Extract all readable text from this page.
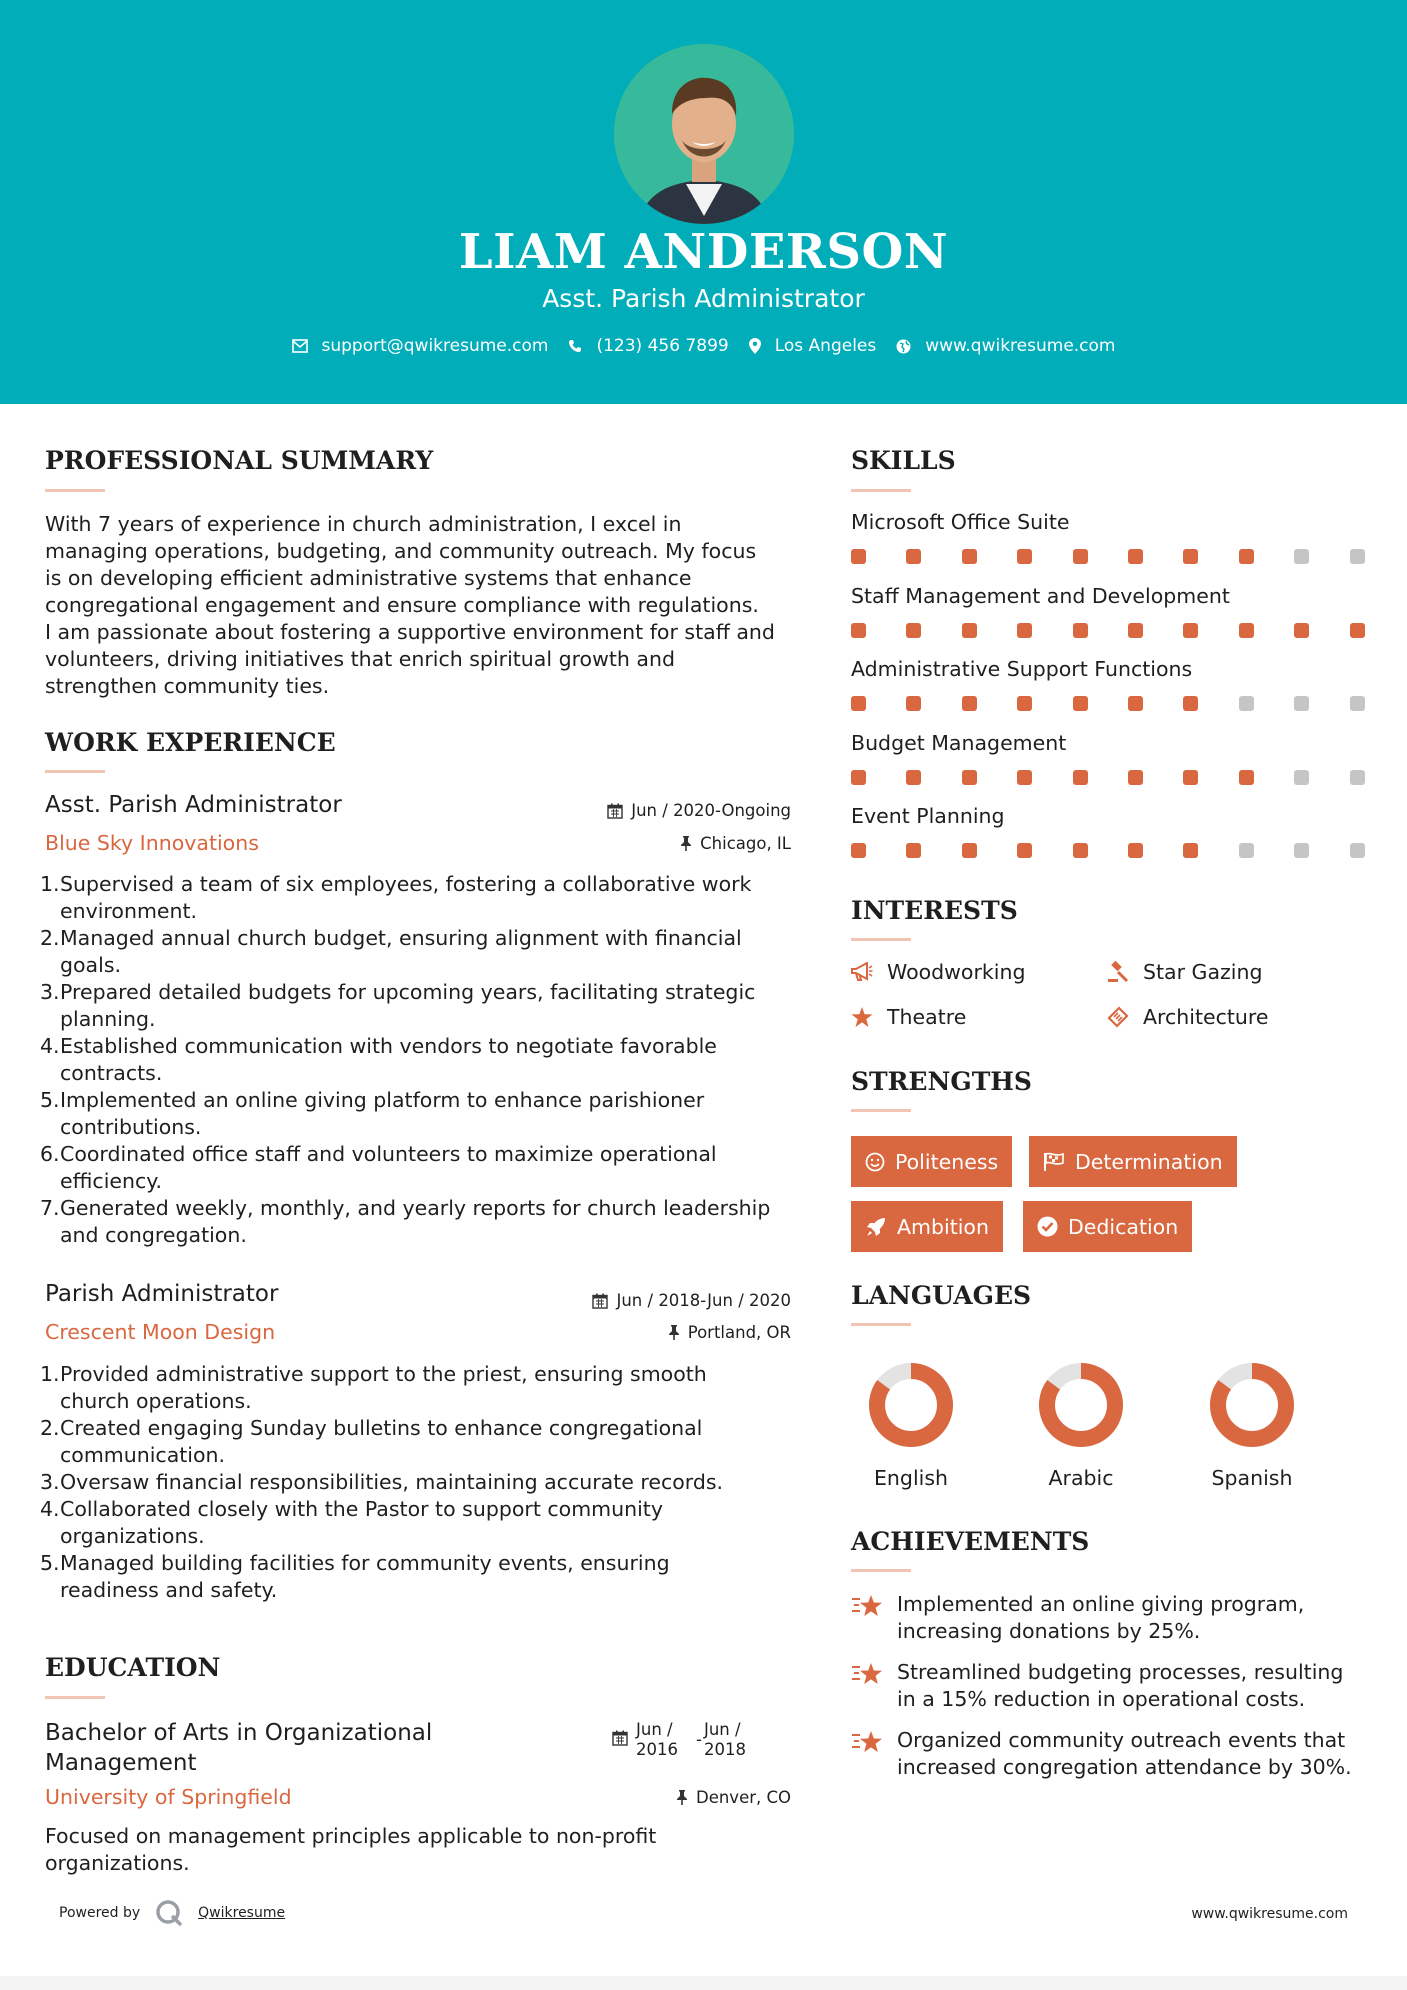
LIAM ANDERSON
Asst. Parish Administrator
support@qwikresume.com	(123) 456 7899	Los Angeles	www.qwikresume.com
PROFESSIONAL SUMMARY
With 7 years of experience in church administration, I excel in
managing operations, budgeting, and community outreach. My focus
is on developing efficient administrative systems that enhance
congregational engagement and ensure compliance with regulations.
I am passionate about fostering a supportive environment for staff and
volunteers, driving initiatives that enrich spiritual growth and
strengthen community ties.
WORK EXPERIENCE
Asst. Parish Administrator	Jun / 2020-Ongoing
Blue Sky Innovations	Chicago, IL
1. Supervised a team of six employees, fostering a collaborative work
environment.
2. Managed annual church budget, ensuring alignment with financial
goals.
3. Prepared detailed budgets for upcoming years, facilitating strategic
planning.
4. Established communication with vendors to negotiate favorable
contracts.
5. Implemented an online giving platform to enhance parishioner
contributions.
6. Coordinated office staff and volunteers to maximize operational
efficiency.
7. Generated weekly, monthly, and yearly reports for church leadership
and congregation.
Parish Administrator	Jun / 2018-Jun / 2020
Crescent Moon Design	Portland, OR
1. Provided administrative support to the priest, ensuring smooth
church operations.
2. Created engaging Sunday bulletins to enhance congregational
communication.
3. Oversaw financial responsibilities, maintaining accurate records.
4. Collaborated closely with the Pastor to support community
organizations.
5. Managed building facilities for community events, ensuring
readiness and safety.
EDUCATION
Bachelor of Arts in Organizational
Management
Jun /
2016
-
Jun /
2018
University of Springfield	Denver, CO
Focused on management principles applicable to non-profit
organizations.
SKILLS
Microsoft Office Suite
Staff Management and Development
Administrative Support Functions
Budget Management
Event Planning
INTERESTS
Woodworking	Star Gazing
Theatre	Architecture
STRENGTHS
Politeness	Determination
Ambition	Dedication
LANGUAGES
English	Arabic	Spanish
ACHIEVEMENTS
Implemented an online giving program,
increasing donations by 25%.
Streamlined budgeting processes, resulting
in a 15% reduction in operational costs.
Organized community outreach events that
increased congregation attendance by 30%.
Powered by	Qwikresume	www.qwikresume.com
